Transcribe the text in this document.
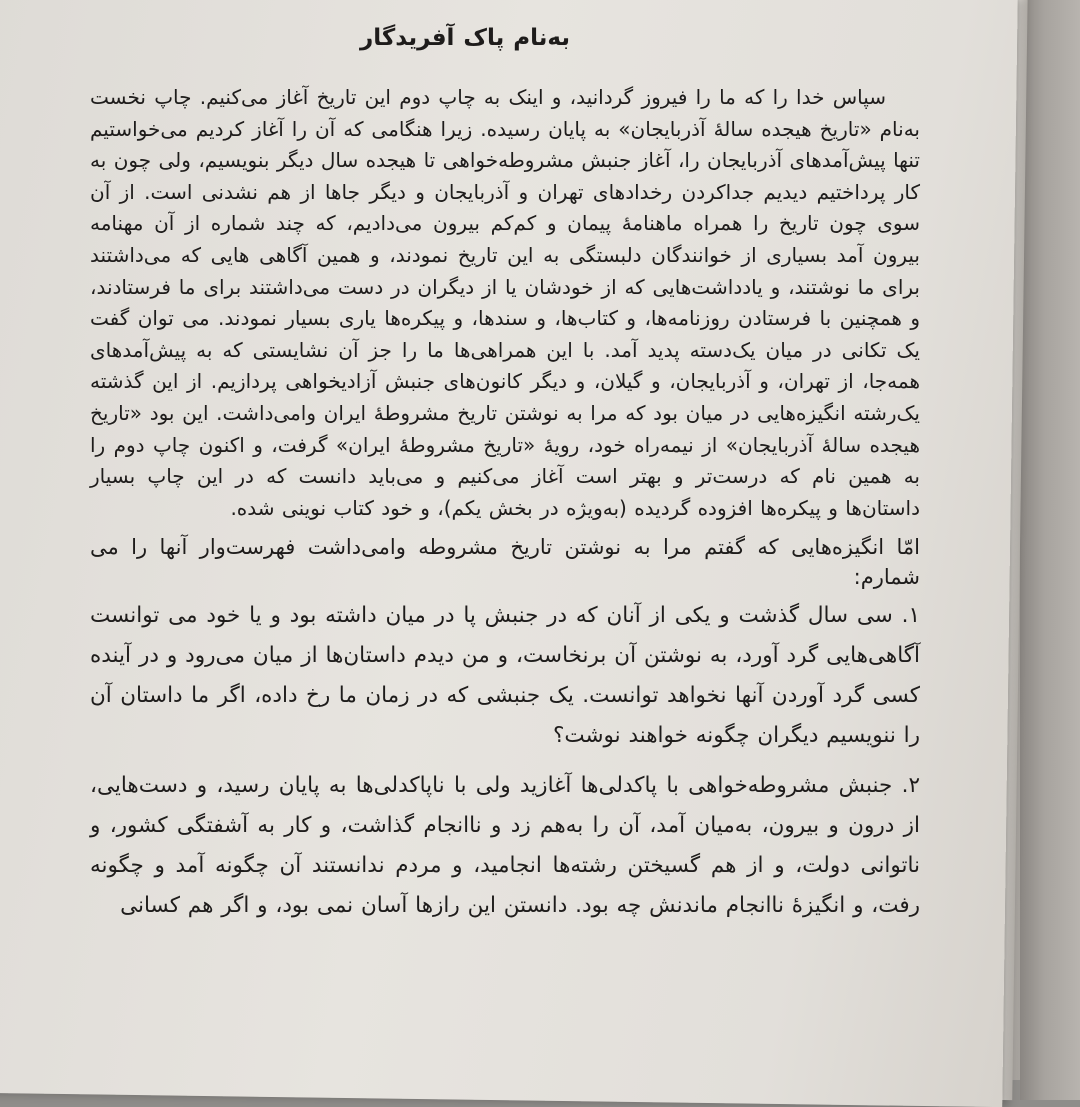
به‌نام پاک آفریدگار

سپاس خدا را که ما را فیروز گردانید، و اینک به چاپ دوم این تاریخ آغاز می‌کنیم. چاپ نخست به‌نام «تاریخ هیجده سالهٔ آذربایجان» به پایان رسیده. زیرا هنگامی که آن را آغاز کردیم می‌خواستیم تنها پیش‌آمدهای آذربایجان را، آغاز جنبش مشروطه‌خواهی تا هیجده سال دیگر بنویسیم، ولی چون به کار پرداختیم دیدیم جداکردن رخدادهای تهران و آذربایجان و دیگر جاها از هم نشدنی است. از آن سوی چون تاریخ را همراه ماهنامهٔ پیمان و کم‌کم بیرون می‌دادیم، که چند شماره از آن مهنامه بیرون آمد بسیاری از خوانندگان دلبستگی به این تاریخ نمودند، و همین آگاهی هایی که می‌داشتند برای ما نوشتند، و یادداشت‌هایی که از خودشان یا از دیگران در دست می‌داشتند برای ما فرستادند، و همچنین با فرستادن روزنامه‌ها، و کتاب‌ها، و سندها، و پیکره‌ها یاری بسیار نمودند. می توان گفت یک تکانی در میان یک‌دسته پدید آمد. با این همراهی‌ها ما را جز آن نشایستی که به پیش‌آمدهای همه‌جا، از تهران، و آذربایجان، و گیلان، و دیگر کانون‌های جنبش آزادیخواهی پردازیم. از این گذشته یک‌رشته انگیزه‌هایی در میان بود که مرا به نوشتن تاریخ مشروطهٔ ایران وامی‌داشت. این بود «تاریخ هیجده سالهٔ آذربایجان» از نیمه‌راه خود، رویهٔ «تاریخ مشروطهٔ ایران» گرفت، و اکنون چاپ دوم را به همین نام که درست‌تر و بهتر است آغاز می‌کنیم و می‌باید دانست که در این چاپ بسیار داستان‌ها و پیکره‌ها افزوده گردیده (به‌ویژه در بخش یکم)، و خود کتاب نوینی شده.

امّا انگیزه‌هایی که گفتم مرا به نوشتن تاریخ مشروطه وامی‌داشت فهرست‌وار آنها را می شمارم:

۱. سی سال گذشت و یکی از آنان که در جنبش پا در میان داشته بود و یا خود می توانست آگاهی‌هایی گرد آورد، به نوشتن آن برنخاست، و من دیدم داستان‌ها از میان می‌رود و در آینده کسی گرد آوردن آنها نخواهد توانست. یک جنبشی که در زمان ما رخ داده، اگر ما داستان آن را ننویسیم دیگران چگونه خواهند نوشت؟

۲. جنبش مشروطه‌خواهی با پاکدلی‌ها آغازید ولی با ناپاکدلی‌ها به پایان رسید، و دست‌هایی، از درون و بیرون، به‌میان آمد، آن را به‌هم زد و ناانجام گذاشت، و کار به آشفتگی کشور، و ناتوانی دولت، و از هم گسیختن رشته‌ها انجامید، و مردم ندانستند آن چگونه آمد و چگونه رفت، و انگیزهٔ ناانجام ماندنش چه بود. دانستن این رازها آسان نمی بود، و اگر هم کسانی
